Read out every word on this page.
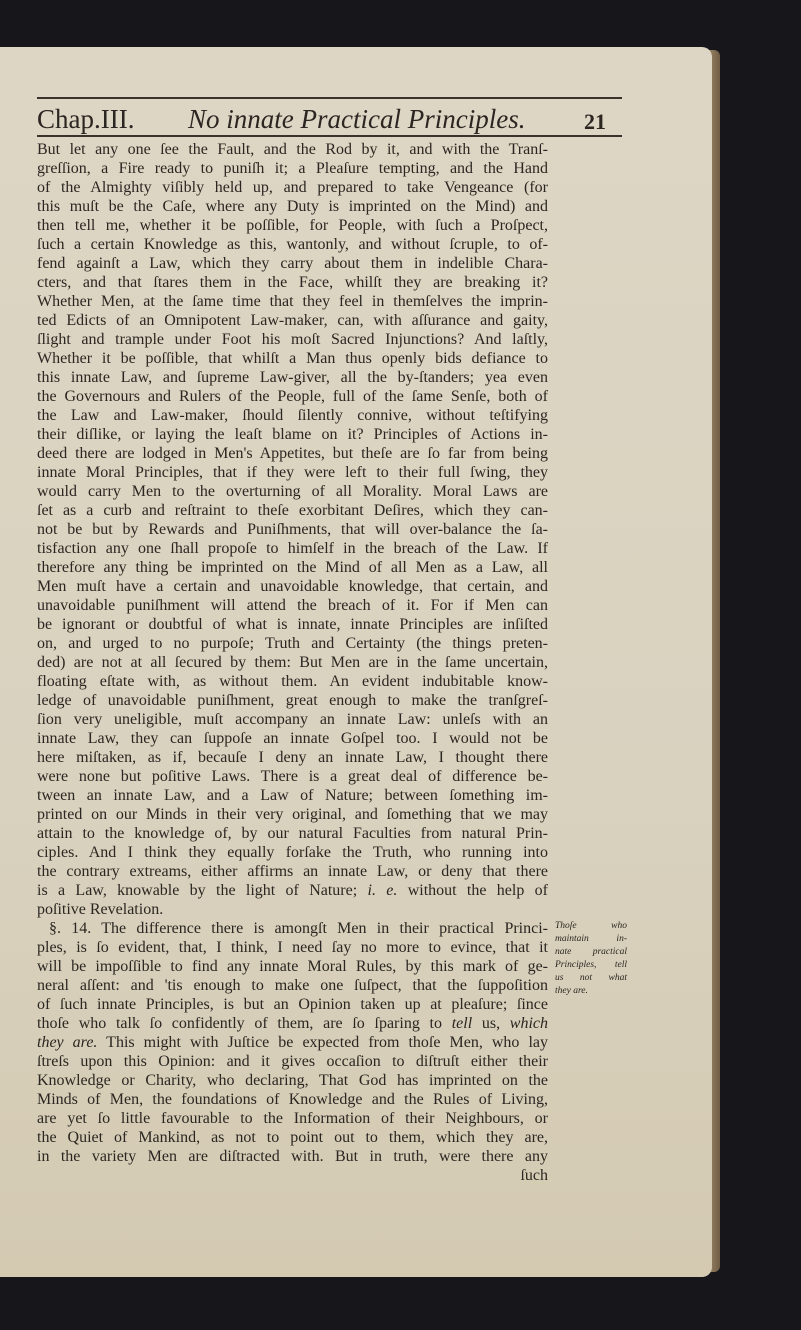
Chap.III. No innate Practical Principles.	21
But let any one ſee the Fault, and the Rod by it, and with the Tranſ-
greſſion, a Fire ready to puniſh it; a Pleaſure tempting, and the Hand
of the Almighty viſibly held up, and prepared to take Vengeance (for
this muſt be the Caſe, where any Duty is imprinted on the Mind) and
then tell me, whether it be poſſible, for People, with ſuch a Proſpect,
ſuch a certain Knowledge as this, wantonly, and without ſcruple, to of-
fend againſt a Law, which they carry about them in indelible Chara-
cters, and that ſtares them in the Face, whilſt they are breaking it?
Whether Men, at the ſame time that they feel in themſelves the imprin-
ted Edicts of an Omnipotent Law-maker, can, with aſſurance and gaity,
ſlight and trample under Foot his moſt Sacred Injunctions? And laſtly,
Whether it be poſſible, that whilſt a Man thus openly bids defiance to
this innate Law, and ſupreme Law-giver, all the by-ſtanders; yea even
the Governours and Rulers of the People, full of the ſame Senſe, both of
the Law and Law-maker, ſhould ſilently connive, without teſtifying
their diſlike, or laying the leaſt blame on it? Principles of Actions in-
deed there are lodged in Men's Appetites, but theſe are ſo far from being
innate Moral Principles, that if they were left to their full ſwing, they
would carry Men to the overturning of all Morality. Moral Laws are
ſet as a curb and reſtraint to theſe exorbitant Deſires, which they can-
not be but by Rewards and Puniſhments, that will over-balance the ſa-
tisfaction any one ſhall propoſe to himſelf in the breach of the Law. If
therefore any thing be imprinted on the Mind of all Men as a Law, all
Men muſt have a certain and unavoidable knowledge, that certain, and
unavoidable puniſhment will attend the breach of it. For if Men can
be ignorant or doubtful of what is innate, innate Principles are inſiſted
on, and urged to no purpoſe; Truth and Certainty (the things preten-
ded) are not at all ſecured by them: But Men are in the ſame uncertain,
floating eſtate with, as without them. An evident indubitable know-
ledge of unavoidable puniſhment, great enough to make the tranſgreſ-
ſion very uneligible, muſt accompany an innate Law: unleſs with an
innate Law, they can ſuppoſe an innate Goſpel too. I would not be
here miſtaken, as if, becauſe I deny an innate Law, I thought there
were none but poſitive Laws. There is a great deal of difference be-
tween an innate Law, and a Law of Nature; between ſomething im-
printed on our Minds in their very original, and ſomething that we may
attain to the knowledge of, by our natural Faculties from natural Prin-
ciples. And I think they equally forſake the Truth, who running into
the contrary extreams, either affirms an innate Law, or deny that there
is a Law, knowable by the light of Nature; i. e. without the help of
poſitive Revelation.
§. 14. The difference there is amongſt Men in their practical Princi-
ples, is ſo evident, that, I think, I need ſay no more to evince, that it
will be impoſſible to find any innate Moral Rules, by this mark of ge-
neral aſſent: and 'tis enough to make one ſuſpect, that the ſuppoſition
of ſuch innate Principles, is but an Opinion taken up at pleaſure; ſince
thoſe who talk ſo confidently of them, are ſo ſparing to tell us, which
they are. This might with Juſtice be expected from thoſe Men, who lay
ſtreſs upon this Opinion: and it gives occaſion to diſtruſt either their
Knowledge or Charity, who declaring, That God has imprinted on the
Minds of Men, the foundations of Knowledge and the Rules of Living,
are yet ſo little favourable to the Information of their Neighbours, or
the Quiet of Mankind, as not to point out to them, which they are,
in the variety Men are diſtracted with. But in truth, were there any
ſuch
Thoſe who
maintain in-
nate practical
Principles, tell
us not what
they are.
